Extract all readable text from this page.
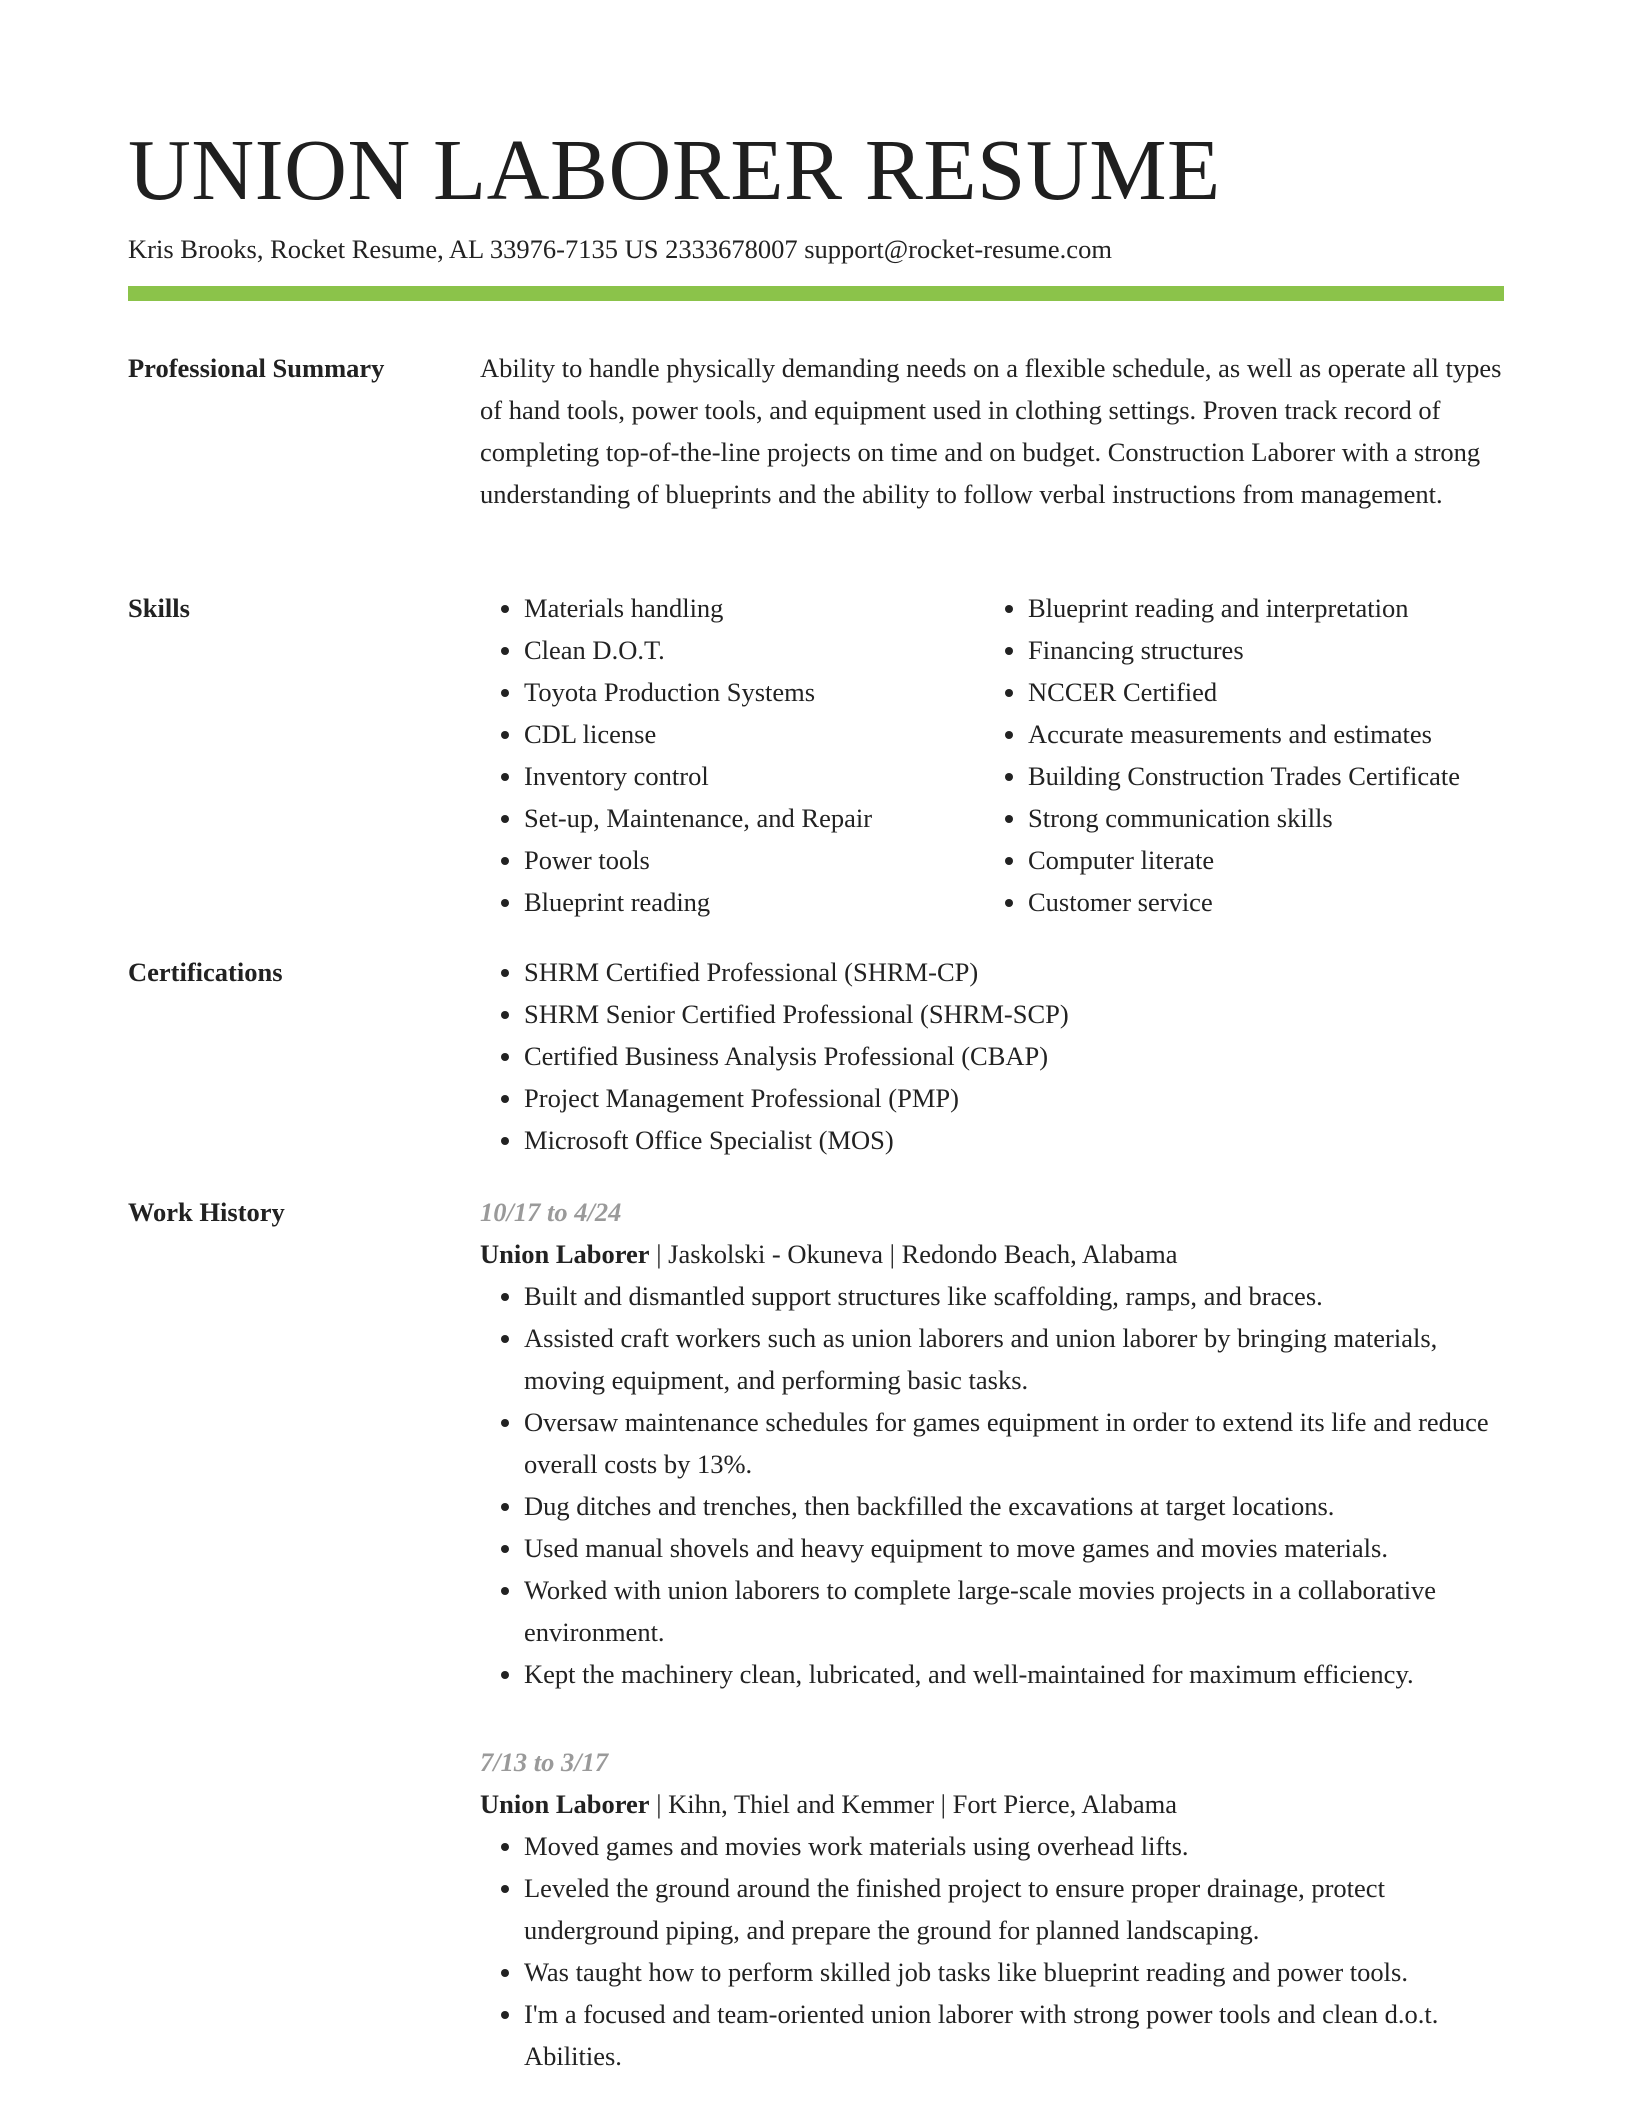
UNION LABORER RESUME
Kris Brooks, Rocket Resume, AL 33976-7135 US 2333678007 support@rocket-resume.com
Professional Summary	Ability to handle physically demanding needs on a flexible schedule, as well as operate all types of hand tools, power tools, and equipment used in clothing settings. Proven track record of completing top-of-the-line projects on time and on budget. Construction Laborer with a strong understanding of blueprints and the ability to follow verbal instructions from management.

Skills	• Materials handling
• Clean D.O.T.
• Toyota Production Systems
• CDL license
• Inventory control
• Set-up, Maintenance, and Repair
• Power tools
• Blueprint reading
• Blueprint reading and interpretation
• Financing structures
• NCCER Certified
• Accurate measurements and estimates
• Building Construction Trades Certificate
• Strong communication skills
• Computer literate
• Customer service
Certifications	• SHRM Certified Professional (SHRM-CP)
• SHRM Senior Certified Professional (SHRM-SCP)
• Certified Business Analysis Professional (CBAP)
• Project Management Professional (PMP)
• Microsoft Office Specialist (MOS)
Work History	10/17 to 4/24
Union Laborer | Jaskolski - Okuneva | Redondo Beach, Alabama
• Built and dismantled support structures like scaffolding, ramps, and braces.
• Assisted craft workers such as union laborers and union laborer by bringing materials, moving equipment, and performing basic tasks.
• Oversaw maintenance schedules for games equipment in order to extend its life and reduce overall costs by 13%.
• Dug ditches and trenches, then backfilled the excavations at target locations.
• Used manual shovels and heavy equipment to move games and movies materials.
• Worked with union laborers to complete large-scale movies projects in a collaborative environment.
• Kept the machinery clean, lubricated, and well-maintained for maximum efficiency.
7/13 to 3/17
Union Laborer | Kihn, Thiel and Kemmer | Fort Pierce, Alabama
• Moved games and movies work materials using overhead lifts.
• Leveled the ground around the finished project to ensure proper drainage, protect underground piping, and prepare the ground for planned landscaping.
• Was taught how to perform skilled job tasks like blueprint reading and power tools.
• I'm a focused and team-oriented union laborer with strong power tools and clean d.o.t. Abilities.
